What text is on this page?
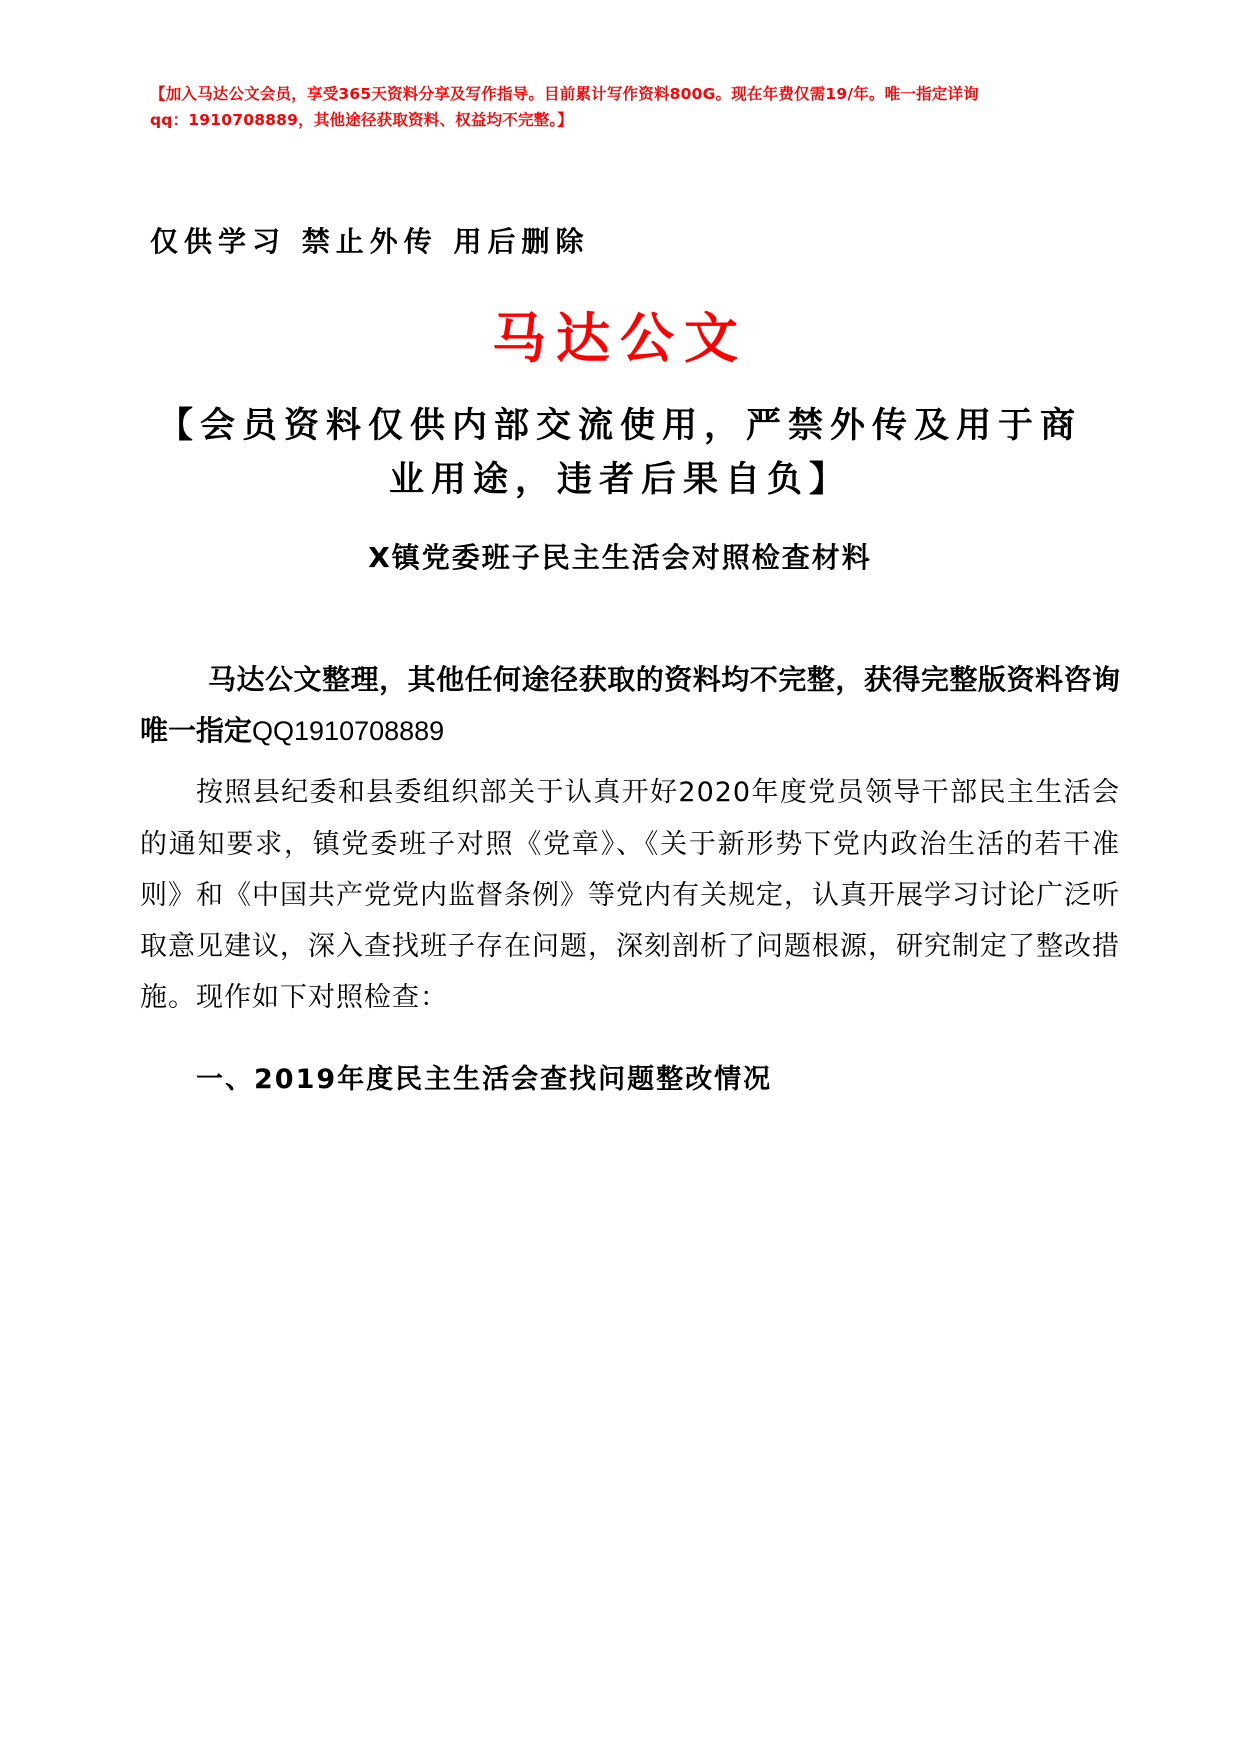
【加入马达公文会员，享受365天资料分享及写作指导。目前累计写作资料800G。现在年费仅需19/年。唯一指定详询
qq：1910708889，其他途径获取资料、权益均不完整。】
仅供学习 禁止外传 用后删除
马达公文
【会员资料仅供内部交流使用，严禁外传及用于商业用途，违者后果自负】
X镇党委班子民主生活会对照检查材料
马达公文整理，其他任何途径获取的资料均不完整，获得完整版资料咨询唯一指定QQ1910708889
按照县纪委和县委组织部关于认真开好2020年度党员领导干部民主生活会的通知要求，镇党委班子对照《党章》、《关于新形势下党内政治生活的若干准则》和《中国共产党党内监督条例》等党内有关规定，认真开展学习讨论广泛听取意见建议，深入查找班子存在问题，深刻剖析了问题根源，研究制定了整改措施。现作如下对照检查：
一、2019年度民主生活会查找问题整改情况
